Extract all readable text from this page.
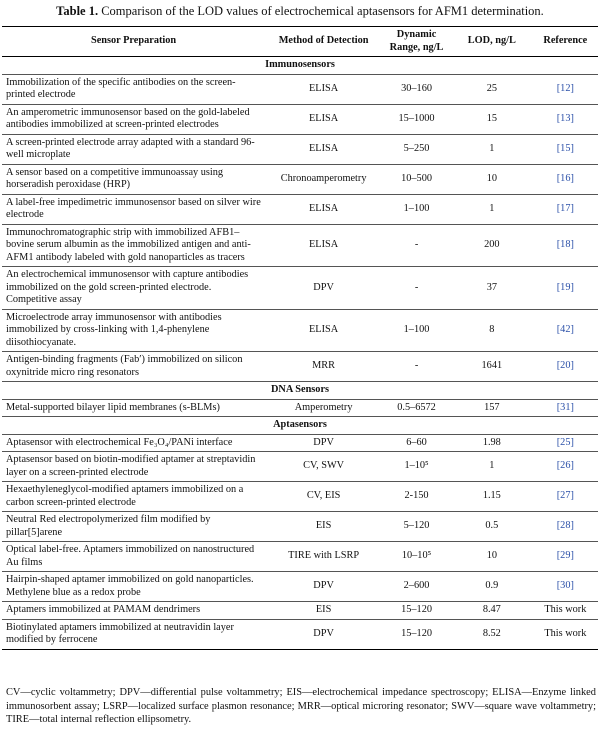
Table 1. Comparison of the LOD values of electrochemical aptasensors for AFM1 determination.
Sensor Preparation	Method of Detection	Dynamic Range, ng/L	LOD, ng/L	Reference
Immunosensors				
Immobilization of the specific antibodies on the screen-printed electrode	ELISA	30–160	25	[12]
An amperometric immunosensor based on the gold-labeled antibodies immobilized at screen-printed electrodes	ELISA	15–1000	15	[13]
A screen-printed electrode array adapted with a standard 96-well microplate	ELISA	5–250	1	[15]
A sensor based on a competitive immunoassay using horseradish peroxidase (HRP)	Chronoamperometry	10–500	10	[16]
A label-free impedimetric immunosensor based on silver wire electrode	ELISA	1–100	1	[17]
Immunochromatographic strip with immobilized AFB1–bovine serum albumin as the immobilized antigen and anti-AFM1 antibody labeled with gold nanoparticles as tracers	ELISA	-	200	[18]
An electrochemical immunosensor with capture antibodies immobilized on the gold screen-printed electrode. Competitive assay	DPV	-	37	[19]
Microelectrode array immunosensor with antibodies immobilized by cross-linking with 1,4-phenylene diisothiocyanate.	ELISA	1–100	8	[42]
Antigen-binding fragments (Fab′) immobilized on silicon oxynitride micro ring resonators	MRR	-	1641	[20]
DNA Sensors				
Metal-supported bilayer lipid membranes (s-BLMs)	Amperometry	0.5–6572	157	[31]
Aptasensors				
Aptasensor with electrochemical Fe₃O₄/PANi interface	DPV	6–60	1.98	[25]
Aptasensor based on biotin-modified aptamer at streptavidin layer on a screen-printed electrode	CV, SWV	1–10⁵	1	[26]
Hexaethyleneglycol-modified aptamers immobilized on a carbon screen-printed electrode	CV, EIS	2-150	1.15	[27]
Neutral Red electropolymerized film modified by pillar[5]arene	EIS	5–120	0.5	[28]
Optical label-free. Aptamers immobilized on nanostructured Au films	TIRE with LSRP	10–10⁵	10	[29]
Hairpin-shaped aptamer immobilized on gold nanoparticles. Methylene blue as a redox probe	DPV	2–600	0.9	[30]
Aptamers immobilized at PAMAM dendrimers	EIS	15–120	8.47	This work
Biotinylated aptamers immobilized at neutravidin layer modified by ferrocene	DPV	15–120	8.52	This work
CV—cyclic voltammetry; DPV—differential pulse voltammetry; EIS—electrochemical impedance spectroscopy; ELISA—Enzyme linked immunosorbent assay; LSRP—localized surface plasmon resonance; MRR—optical microring resonator; SWV—square wave voltammetry; TIRE—total internal reflection ellipsometry.
